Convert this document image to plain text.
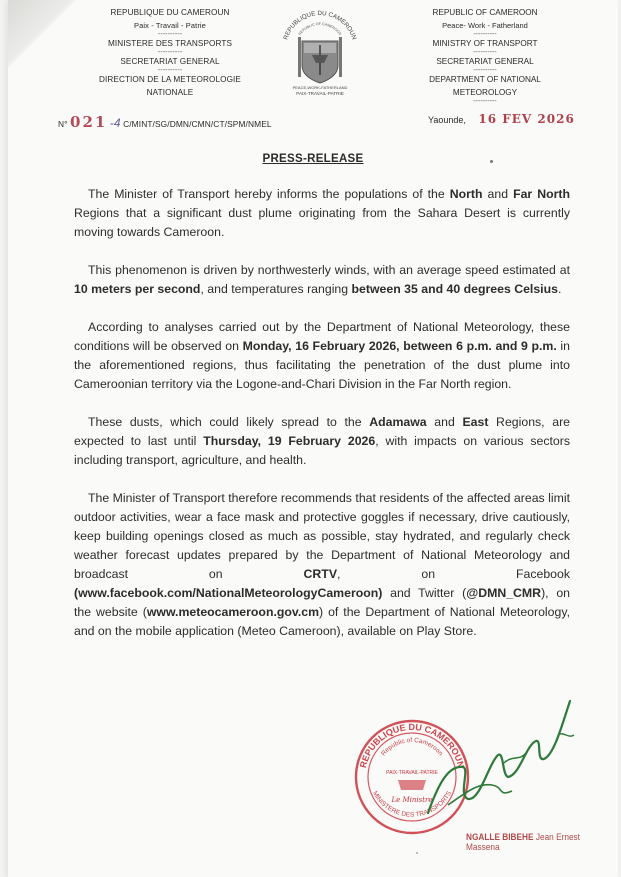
REPUBLIQUE DU CAMEROUN
Paix - Travail - Patrie
----------
MINISTERE DES TRANSPORTS
----------
SECRETARIAT GENERAL
----------
DIRECTION DE LA METEOROLOGIE
NATIONALE
REPUBLIQUE DU CAMEROUN
REPUBLIC OF CAMEROON
PEACE-WORK-FATHERLAND
PAIX-TRAVAIL-PATRIE
REPUBLIC OF CAMEROON
Peace- Work - Fatherland
----------
MINISTRY OF TRANSPORT
----------
SECRETARIAT GENERAL
----------
DEPARTMENT OF NATIONAL
METEOROLOGY
----------
N° 021 -4 C/MINT/SG/DMN/CMN/CT/SPM/NMEL	Yaounde, 16 FEV 2026
PRESS-RELEASE

The Minister of Transport hereby informs the populations of the North and Far North Regions that a significant dust plume originating from the Sahara Desert is currently moving towards Cameroon.

This phenomenon is driven by northwesterly winds, with an average speed estimated at 10 meters per second, and temperatures ranging between 35 and 40 degrees Celsius.

According to analyses carried out by the Department of National Meteorology, these conditions will be observed on Monday, 16 February 2026, between 6 p.m. and 9 p.m. in the aforementioned regions, thus facilitating the penetration of the dust plume into Cameroonian territory via the Logone-and-Chari Division in the Far North region.

These dusts, which could likely spread to the Adamawa and East Regions, are expected to last until Thursday, 19 February 2026, with impacts on various sectors including transport, agriculture, and health.

The Minister of Transport therefore recommends that residents of the affected areas limit outdoor activities, wear a face mask and protective goggles if necessary, drive cautiously, keep building openings closed as much as possible, stay hydrated, and regularly check weather forecast updates prepared by the Department of National Meteorology and broadcast on CRTV, on Facebook (www.facebook.com/NationalMeteorologyCameroon) and Twitter (@DMN_CMR), on the website (www.meteocameroon.gov.cm) of the Department of National Meteorology, and on the mobile application (Meteo Cameroon), available on Play Store.

REPUBLIQUE DU CAMEROUN
Republic of Cameroon
MINISTERE DES TRANSPORTS
PAIX-TRAVAIL-PATRIE
Le Ministre
NGALLE BIBEHE Jean Ernest Massena
